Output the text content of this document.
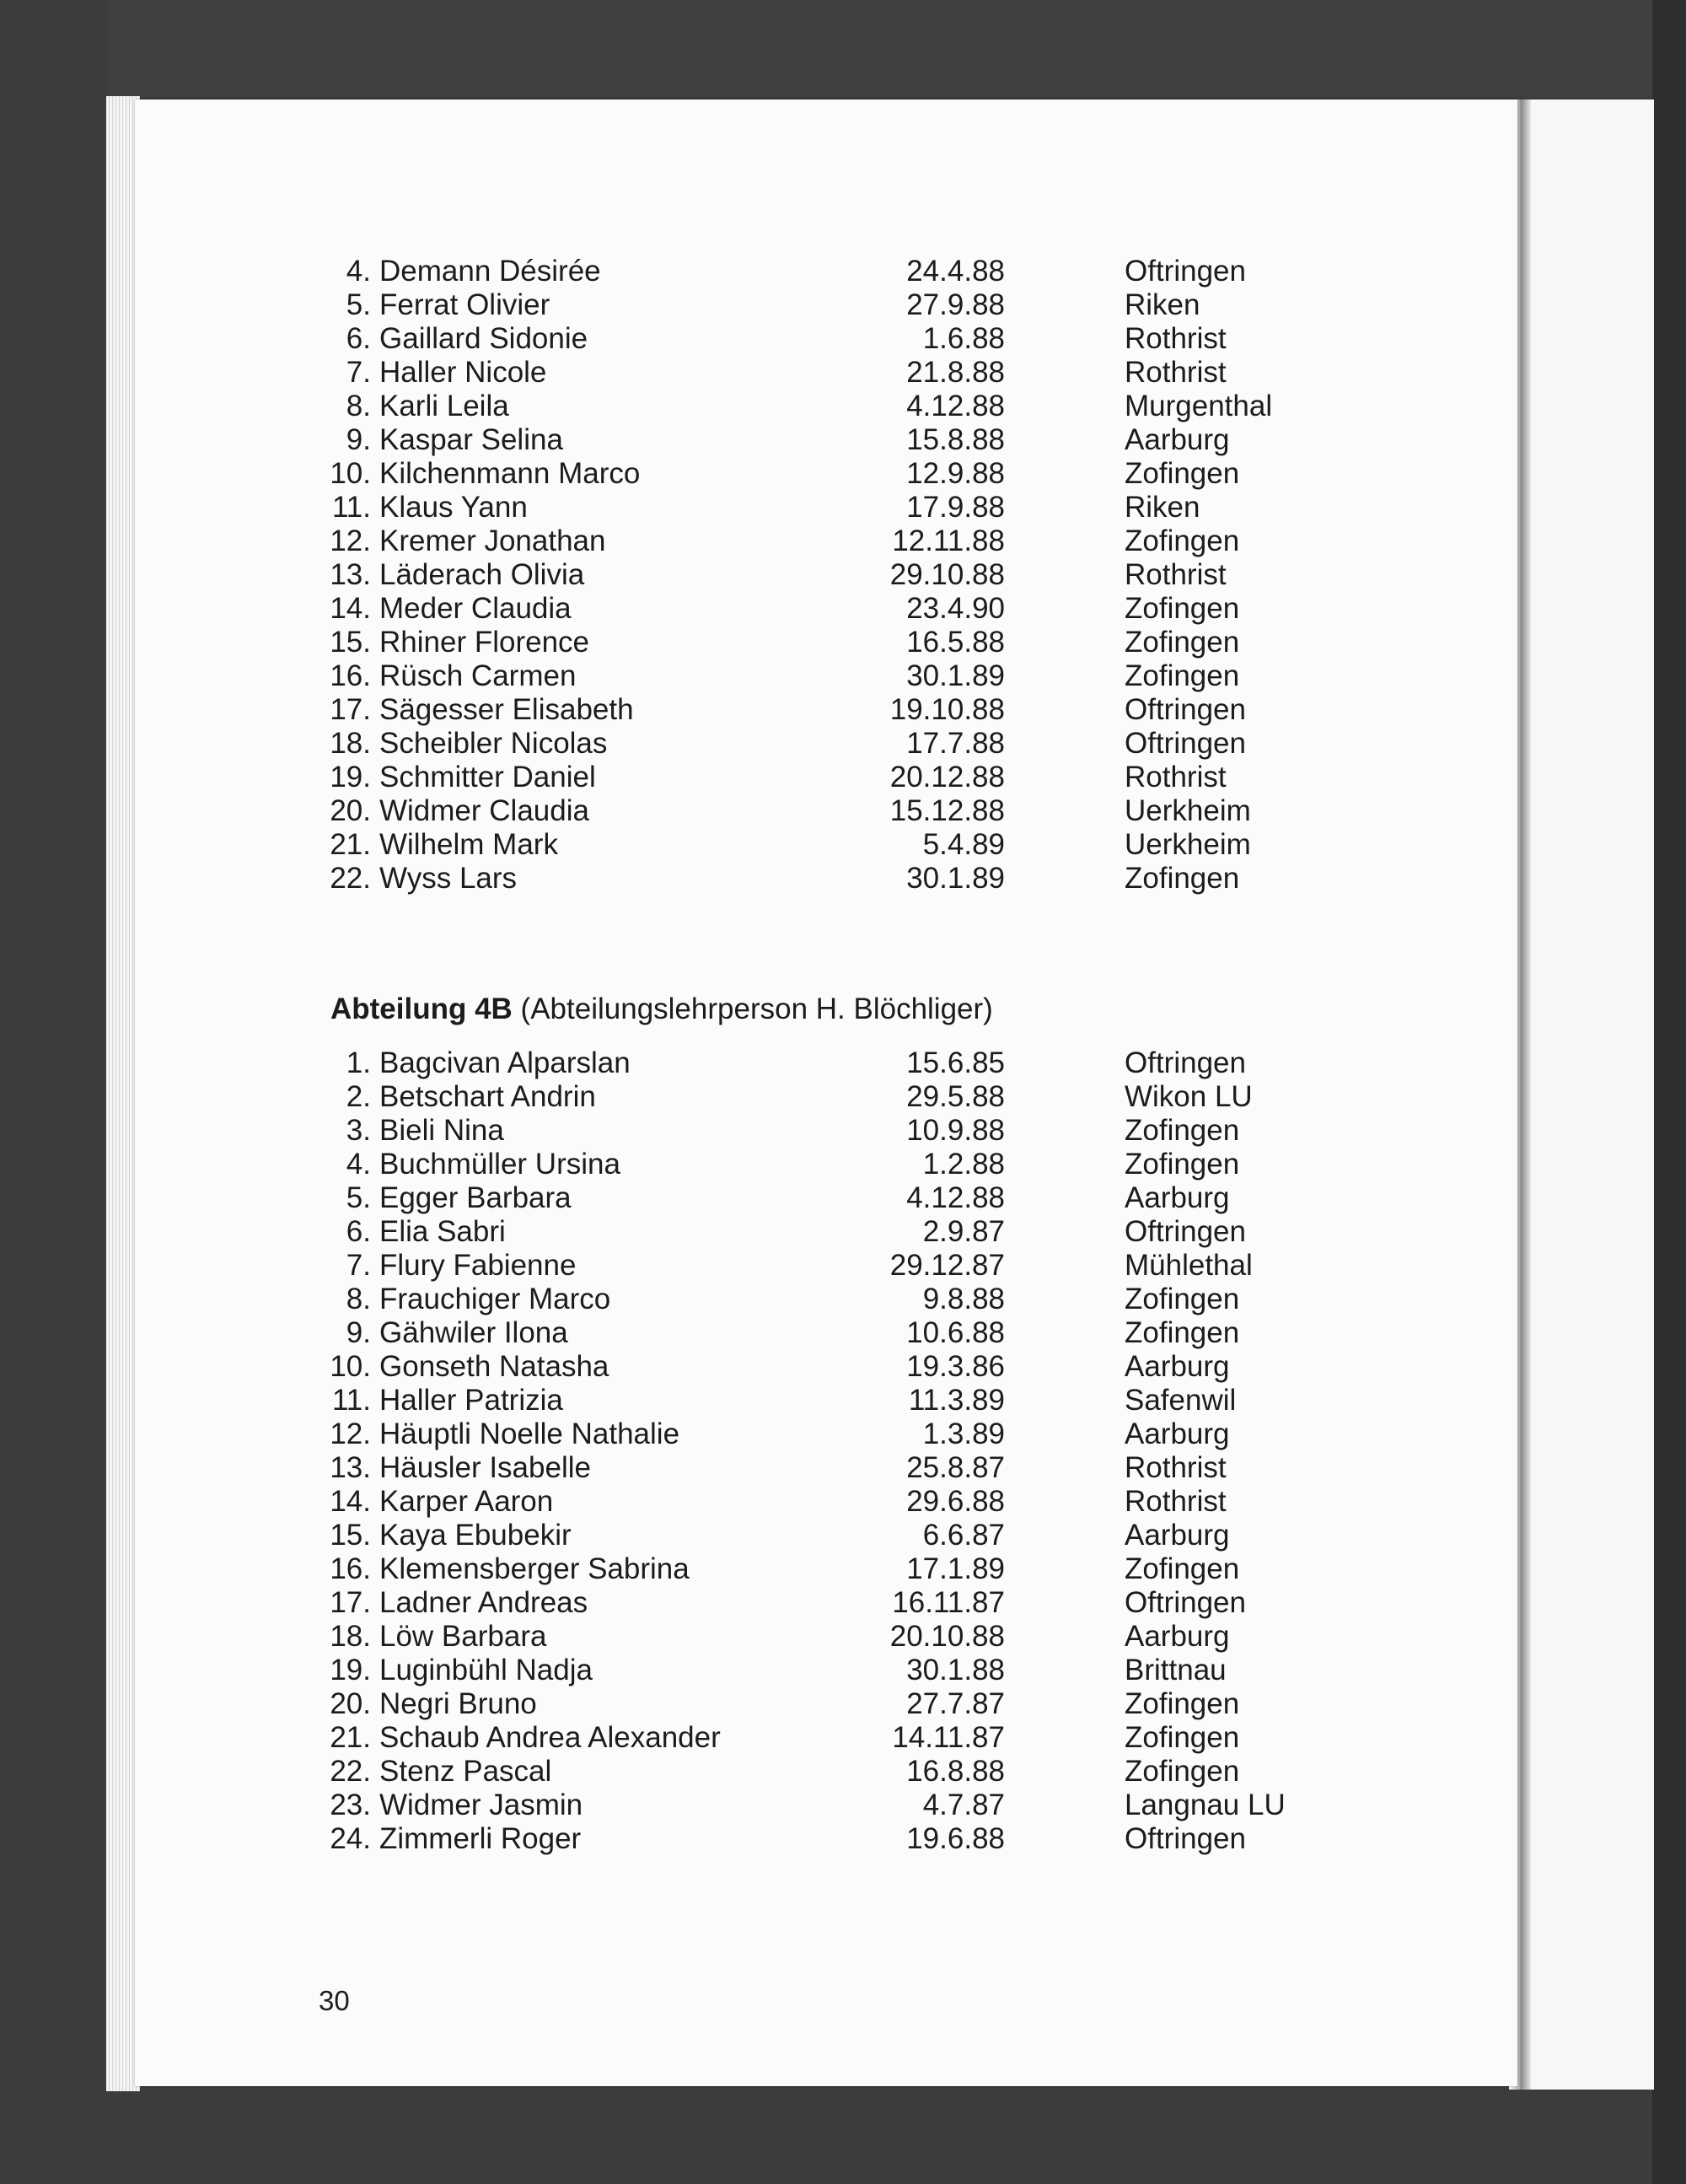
4. Demann Désirée	24.4.88	Oftringen
5. Ferrat Olivier	27.9.88	Riken
6. Gaillard Sidonie	1.6.88	Rothrist
7. Haller Nicole	21.8.88	Rothrist
8. Karli Leila	4.12.88	Murgenthal
9. Kaspar Selina	15.8.88	Aarburg
10. Kilchenmann Marco	12.9.88	Zofingen
11. Klaus Yann	17.9.88	Riken
12. Kremer Jonathan	12.11.88	Zofingen
13. Läderach Olivia	29.10.88	Rothrist
14. Meder Claudia	23.4.90	Zofingen
15. Rhiner Florence	16.5.88	Zofingen
16. Rüsch Carmen	30.1.89	Zofingen
17. Sägesser Elisabeth	19.10.88	Oftringen
18. Scheibler Nicolas	17.7.88	Oftringen
19. Schmitter Daniel	20.12.88	Rothrist
20. Widmer Claudia	15.12.88	Uerkheim
21. Wilhelm Mark	5.4.89	Uerkheim
22. Wyss Lars	30.1.89	Zofingen
Abteilung 4B (Abteilungslehrperson H. Blöchliger)
1. Bagcivan Alparslan	15.6.85	Oftringen
2. Betschart Andrin	29.5.88	Wikon LU
3. Bieli Nina	10.9.88	Zofingen
4. Buchmüller Ursina	1.2.88	Zofingen
5. Egger Barbara	4.12.88	Aarburg
6. Elia Sabri	2.9.87	Oftringen
7. Flury Fabienne	29.12.87	Mühlethal
8. Frauchiger Marco	9.8.88	Zofingen
9. Gähwiler Ilona	10.6.88	Zofingen
10. Gonseth Natasha	19.3.86	Aarburg
11. Haller Patrizia	11.3.89	Safenwil
12. Häuptli Noelle Nathalie	1.3.89	Aarburg
13. Häusler Isabelle	25.8.87	Rothrist
14. Karper Aaron	29.6.88	Rothrist
15. Kaya Ebubekir	6.6.87	Aarburg
16. Klemensberger Sabrina	17.1.89	Zofingen
17. Ladner Andreas	16.11.87	Oftringen
18. Löw Barbara	20.10.88	Aarburg
19. Luginbühl Nadja	30.1.88	Brittnau
20. Negri Bruno	27.7.87	Zofingen
21. Schaub Andrea Alexander	14.11.87	Zofingen
22. Stenz Pascal	16.8.88	Zofingen
23. Widmer Jasmin	4.7.87	Langnau LU
24. Zimmerli Roger	19.6.88	Oftringen
30
